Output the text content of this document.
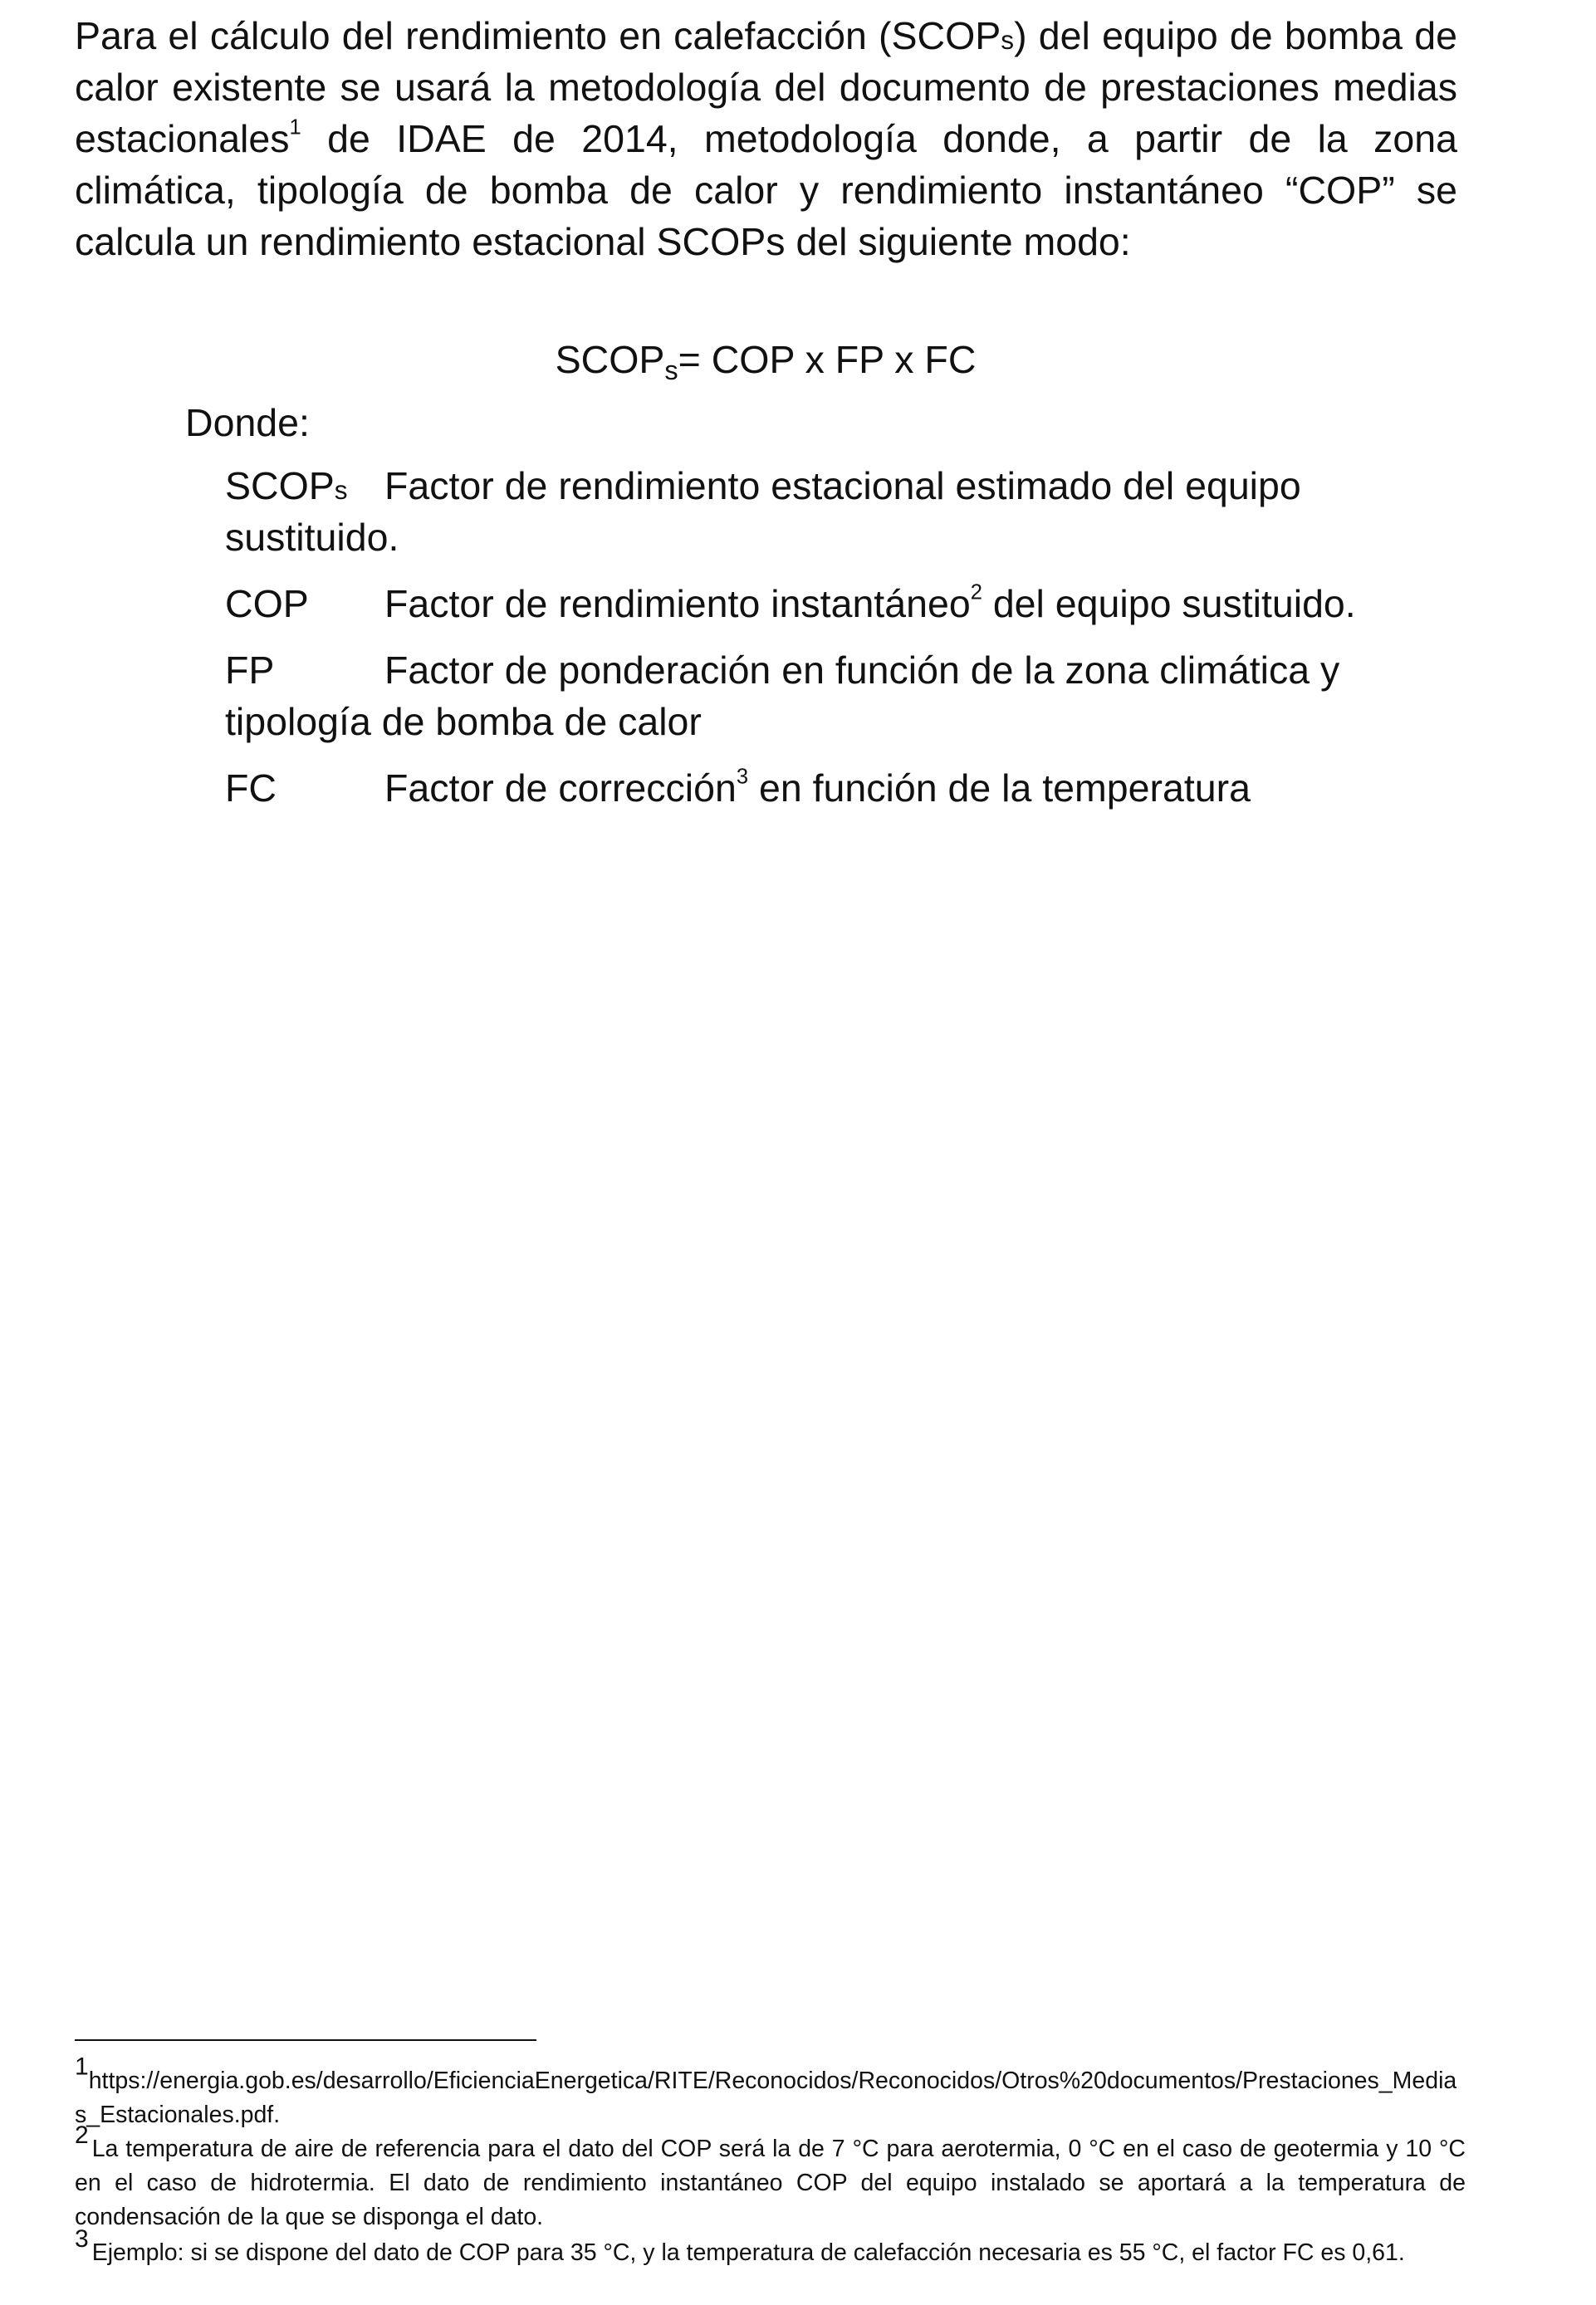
Para el cálculo del rendimiento en calefacción (SCOPs) del equipo de bomba de calor existente se usará la metodología del documento de prestaciones medias estacionales$^1$ de IDAE de 2014, metodología donde, a partir de la zona climática, tipología de bomba de calor y rendimiento instantáneo “COP” se calcula un rendimiento estacional SCOPs del siguiente modo:

$SCOP_s=$ COP x FP x FC

Donde:

SCOPs Factor de rendimiento estacional estimado del equipo sustituido.

COP Factor de rendimiento instantáneo$^2$ del equipo sustituido.

FP	Factor de ponderación en función de la zona climática y tipología de bomba de calor

FC	Factor de corrección$^3$ en función de la temperatura

1https://energia.gob.es/desarrollo/EficienciaEnergetica/RITE/Reconocidos/Reconocidos/Otros%20documentos/Prestaciones_Medias_Estacionales.pdf.

2La temperatura de aire de referencia para el dato del COP será la de 7 °C para aerotermia, 0 °C en el caso de geotermia y 10 °C en el caso de hidrotermia. El dato de rendimiento instantáneo COP del equipo instalado se aportará a la temperatura de condensación de la que se disponga el dato.

3Ejemplo: si se dispone del dato de COP para 35 °C, y la temperatura de calefacción necesaria es 55 °C, el factor FC es 0,61.
